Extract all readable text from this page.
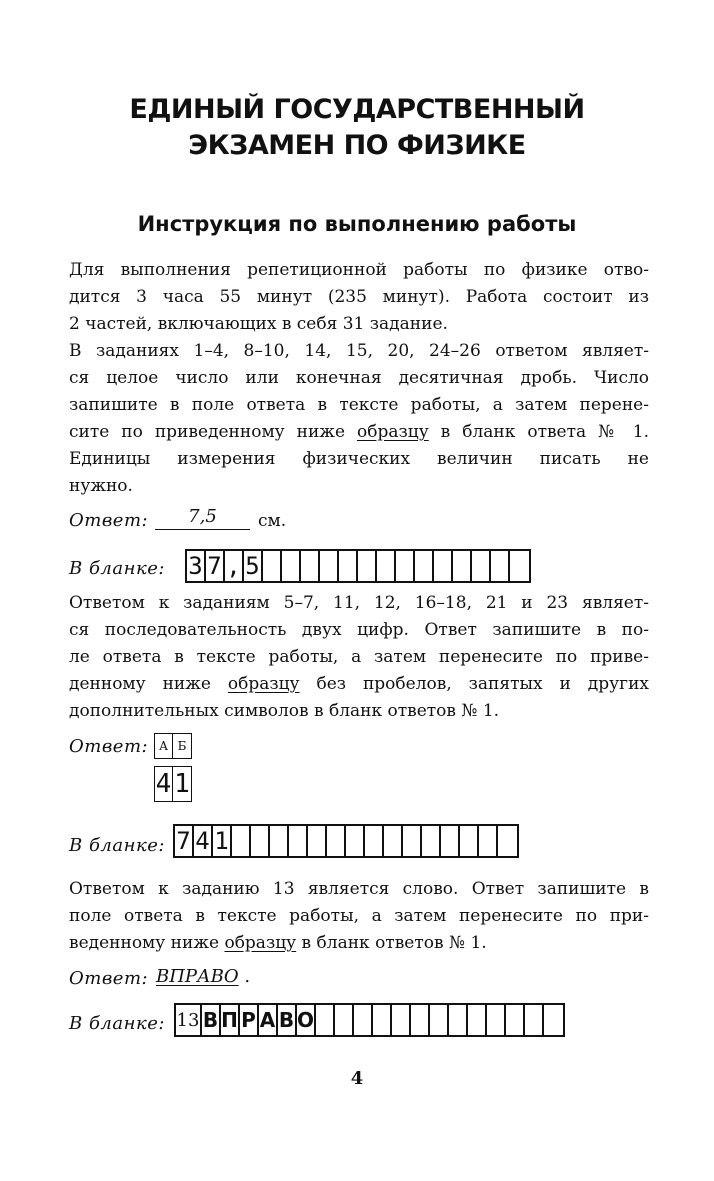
ЕДИНЫЙ ГОСУДАРСТВЕННЫЙ
ЭКЗАМЕН ПО ФИЗИКЕ
Инструкция по выполнению работы
Для выполнения репетиционной работы по физике отво-
дится 3 часа 55 минут (235 минут). Работа состоит из
2 частей, включающих в себя 31 задание.
В заданиях 1–4, 8–10, 14, 15, 20, 24–26 ответом являет-
ся целое число или конечная десятичная дробь. Число
запишите в поле ответа в тексте работы, а затем перене-
сите по приведенному ниже образцу в бланк ответа № 1.
Единицы измерения физических величин писать не
нужно.
Ответ:	7,5	см.
В бланке: 3 7 , 5
Ответом к заданиям 5–7, 11, 12, 16–18, 21 и 23 являет-
ся последовательность двух цифр. Ответ запишите в по-
ле ответа в тексте работы, а затем перенесите по приве-
денному ниже образцу без пробелов, запятых и других
дополнительных символов в бланк ответов № 1.
Ответ: А Б
4 1
В бланке: 7 4 1
Ответом к заданию 13 является слово. Ответ запишите в
поле ответа в тексте работы, а затем перенесите по при-
веденному ниже образцу в бланк ответов № 1.
Ответ: ВПРАВО .
В бланке: 13 В П Р А В О
4
